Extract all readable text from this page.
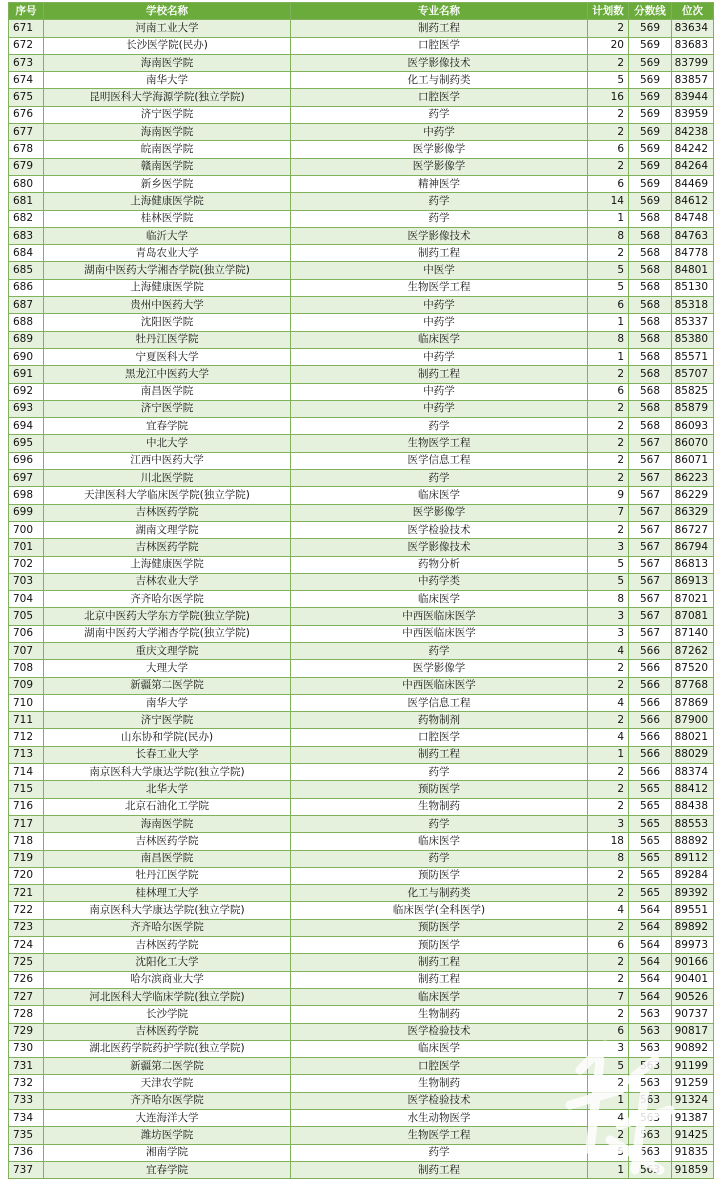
序号	学校名称	专业名称	计划数	分数线	位次
671	河南工业大学	制药工程	2	569	83634
672	长沙医学院(民办)	口腔医学	20	569	83683
673	海南医学院	医学影像技术	2	569	83799
674	南华大学	化工与制药类	5	569	83857
675	昆明医科大学海源学院(独立学院)	口腔医学	16	569	83944
676	济宁医学院	药学	2	569	83959
677	海南医学院	中药学	2	569	84238
678	皖南医学院	医学影像学	6	569	84242
679	赣南医学院	医学影像学	2	569	84264
680	新乡医学院	精神医学	6	569	84469
681	上海健康医学院	药学	14	569	84612
682	桂林医学院	药学	1	568	84748
683	临沂大学	医学影像技术	8	568	84763
684	青岛农业大学	制药工程	2	568	84778
685	湖南中医药大学湘杏学院(独立学院)	中医学	5	568	84801
686	上海健康医学院	生物医学工程	5	568	85130
687	贵州中医药大学	中药学	6	568	85318
688	沈阳医学院	中药学	1	568	85337
689	牡丹江医学院	临床医学	8	568	85380
690	宁夏医科大学	中药学	1	568	85571
691	黑龙江中医药大学	制药工程	2	568	85707
692	南昌医学院	中药学	6	568	85825
693	济宁医学院	中药学	2	568	85879
694	宜春学院	药学	2	568	86093
695	中北大学	生物医学工程	2	567	86070
696	江西中医药大学	医学信息工程	2	567	86071
697	川北医学院	药学	2	567	86223
698	天津医科大学临床医学院(独立学院)	临床医学	9	567	86229
699	吉林医药学院	医学影像学	7	567	86329
700	湖南文理学院	医学检验技术	2	567	86727
701	吉林医药学院	医学影像技术	3	567	86794
702	上海健康医学院	药物分析	5	567	86813
703	吉林农业大学	中药学类	5	567	86913
704	齐齐哈尔医学院	临床医学	8	567	87021
705	北京中医药大学东方学院(独立学院)	中西医临床医学	3	567	87081
706	湖南中医药大学湘杏学院(独立学院)	中西医临床医学	3	567	87140
707	重庆文理学院	药学	4	566	87262
708	大理大学	医学影像学	2	566	87520
709	新疆第二医学院	中西医临床医学	2	566	87768
710	南华大学	医学信息工程	4	566	87869
711	济宁医学院	药物制剂	2	566	87900
712	山东协和学院(民办)	口腔医学	4	566	88021
713	长春工业大学	制药工程	1	566	88029
714	南京医科大学康达学院(独立学院)	药学	2	566	88374
715	北华大学	预防医学	2	565	88412
716	北京石油化工学院	生物制药	2	565	88438
717	海南医学院	药学	3	565	88553
718	吉林医药学院	临床医学	18	565	88892
719	南昌医学院	药学	8	565	89112
720	牡丹江医学院	预防医学	2	565	89284
721	桂林理工大学	化工与制药类	2	565	89392
722	南京医科大学康达学院(独立学院)	临床医学(全科医学)	4	564	89551
723	齐齐哈尔医学院	预防医学	2	564	89892
724	吉林医药学院	预防医学	6	564	89973
725	沈阳化工大学	制药工程	2	564	90166
726	哈尔滨商业大学	制药工程	2	564	90401
727	河北医科大学临床学院(独立学院)	临床医学	7	564	90526
728	长沙学院	生物制药	2	563	90737
729	吉林医药学院	医学检验技术	6	563	90817
730	湖北医药学院药护学院(独立学院)	临床医学	3	563	90892
731	新疆第二医学院	口腔医学	5	563	91199
732	天津农学院	生物制药	2	563	91259
733	齐齐哈尔医学院	医学检验技术	1	563	91324
734	大连海洋大学	水生动物医学	4	563	91387
735	潍坊医学院	生物医学工程	2	563	91425
736	湘南学院	药学	5	563	91835
737	宜春学院	制药工程	1	563	91859
